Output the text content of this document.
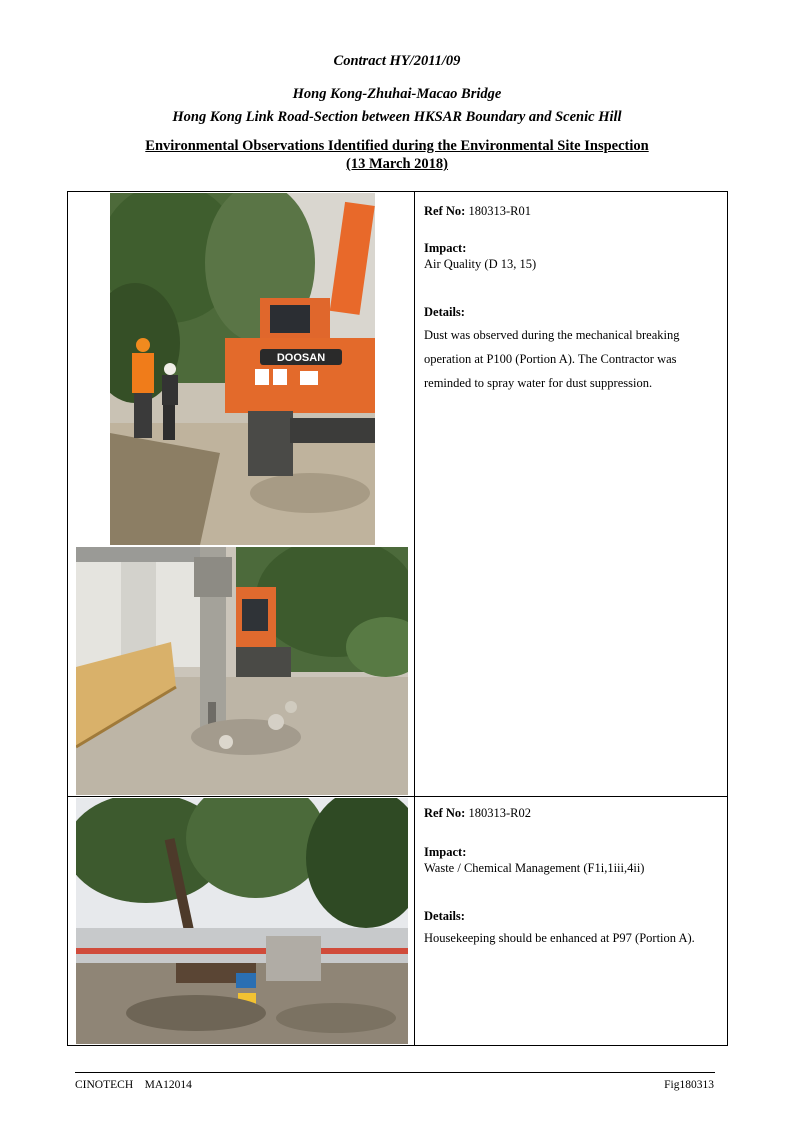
Contract HY/2011/09
Hong Kong-Zhuhai-Macao Bridge
Hong Kong Link Road-Section between HKSAR Boundary and Scenic Hill
Environmental Observations Identified during the Environmental Site Inspection
(13 March 2018)
DOOSAN
Ref No: 180313-R01
Impact:
Air Quality (D 13, 15)
Details:
Dust was observed during the mechanical breaking operation at P100 (Portion A). The Contractor was reminded to spray water for dust suppression.
Ref No: 180313-R02
Impact:
Waste / Chemical Management (F1i,1iii,4ii)
Details:
Housekeeping should be enhanced at P97 (Portion A).
CINOTECH    MA12014	Fig180313
